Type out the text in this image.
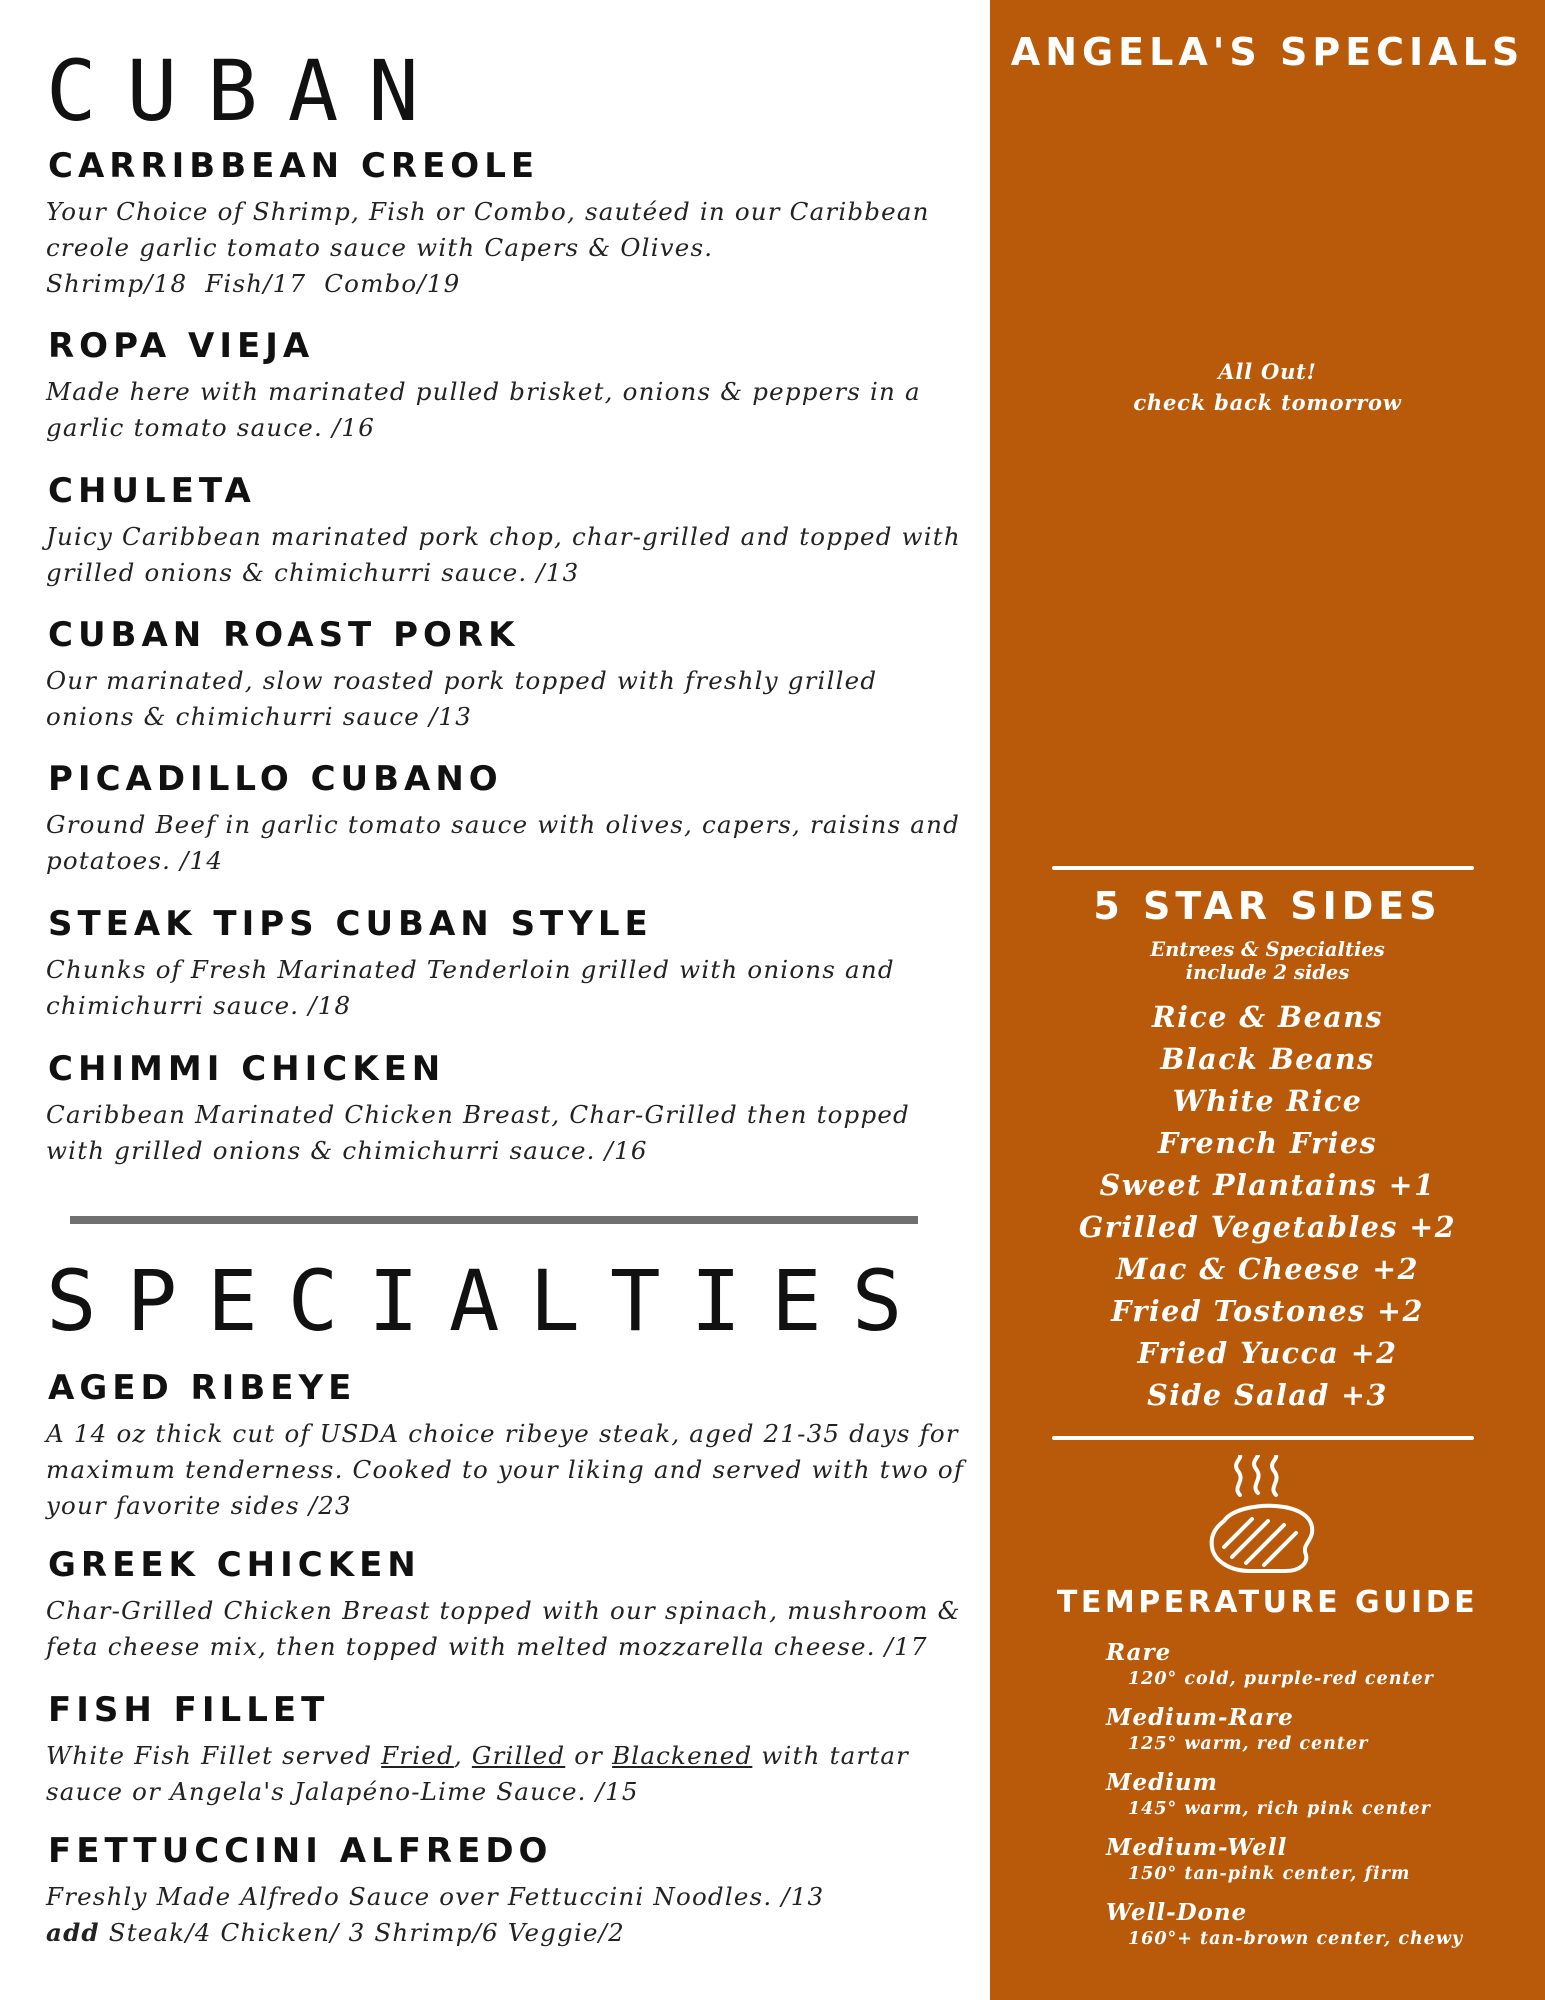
CUBAN
CARRIBBEAN CREOLE

Your Choice of Shrimp, Fish or Combo, sautéed in our Caribbean
creole garlic tomato sauce with Capers & Olives.
Shrimp/18  Fish/17  Combo/19

ROPA VIEJA

Made here with marinated pulled brisket, onions & peppers in a
garlic tomato sauce. /16

CHULETA

Juicy Caribbean marinated pork chop, char-grilled and topped with
grilled onions & chimichurri sauce. /13

CUBAN ROAST PORK

Our marinated, slow roasted pork topped with freshly grilled
onions & chimichurri sauce /13

PICADILLO CUBANO

Ground Beef in garlic tomato sauce with olives, capers, raisins and
potatoes. /14

STEAK TIPS CUBAN STYLE

Chunks of Fresh Marinated Tenderloin grilled with onions and
chimichurri sauce. /18

CHIMMI CHICKEN

Caribbean Marinated Chicken Breast, Char-Grilled then topped
with grilled onions & chimichurri sauce. /16

SPECIALTIES
AGED RIBEYE

A 14 oz thick cut of USDA choice ribeye steak, aged 21-35 days for
maximum tenderness. Cooked to your liking and served with two of
your favorite sides /23

GREEK CHICKEN

Char-Grilled Chicken Breast topped with our spinach, mushroom &
feta cheese mix, then topped with melted mozzarella cheese. /17

FISH FILLET

White Fish Fillet served Fried, Grilled or Blackened with tartar
sauce or Angela's Jalapéno-Lime Sauce. /15

FETTUCCINI ALFREDO

Freshly Made Alfredo Sauce over Fettuccini Noodles. /13
add Steak/4 Chicken/ 3 Shrimp/6 Veggie/2

ANGELA'S SPECIALS
All Out!
check back tomorrow
5 STAR SIDES
Entrees & Specialties
include 2 sides
Rice & Beans
Black Beans
White Rice
French Fries
Sweet Plantains +1
Grilled Vegetables +2
Mac & Cheese +2
Fried Tostones +2
Fried Yucca +2
Side Salad +3
TEMPERATURE GUIDE
Rare
120° cold, purple-red center
Medium-Rare
125° warm, red center
Medium
145° warm, rich pink center
Medium-Well
150° tan-pink center, firm
Well-Done
160°+ tan-brown center, chewy
